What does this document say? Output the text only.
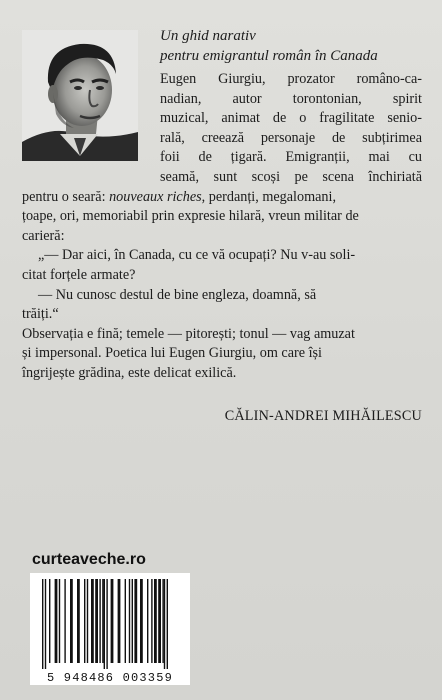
Un ghid narativ
pentru emigrantul român în Canada
Eugen Giurgiu, prozator româno-ca-
nadian, autor torontonian, spirit
muzical, animat de o fragilitate senio-
rală, creează personaje de subțirimea
foii de țigară. Emigranții, mai cu
seamă, sunt scoși pe scena închiriată
pentru o seară: nouveaux riches, perdanți, megalomani,
țoape, ori, memoriabil prin expresie hilară, vreun militar de
carieră:
„— Dar aici, în Canada, cu ce vă ocupați? Nu v-au soli-
citat forțele armate?
— Nu cunosc destul de bine engleza, doamnă, să
trăiți.“
Observația e fină; temele — pitorești; tonul — vag amuzat
și impersonal. Poetica lui Eugen Giurgiu, om care își
îngrijește grădina, este delicat exilică.
CĂLIN-ANDREI MIHĂILESCU
curteaveche.ro
5 948486 003359
